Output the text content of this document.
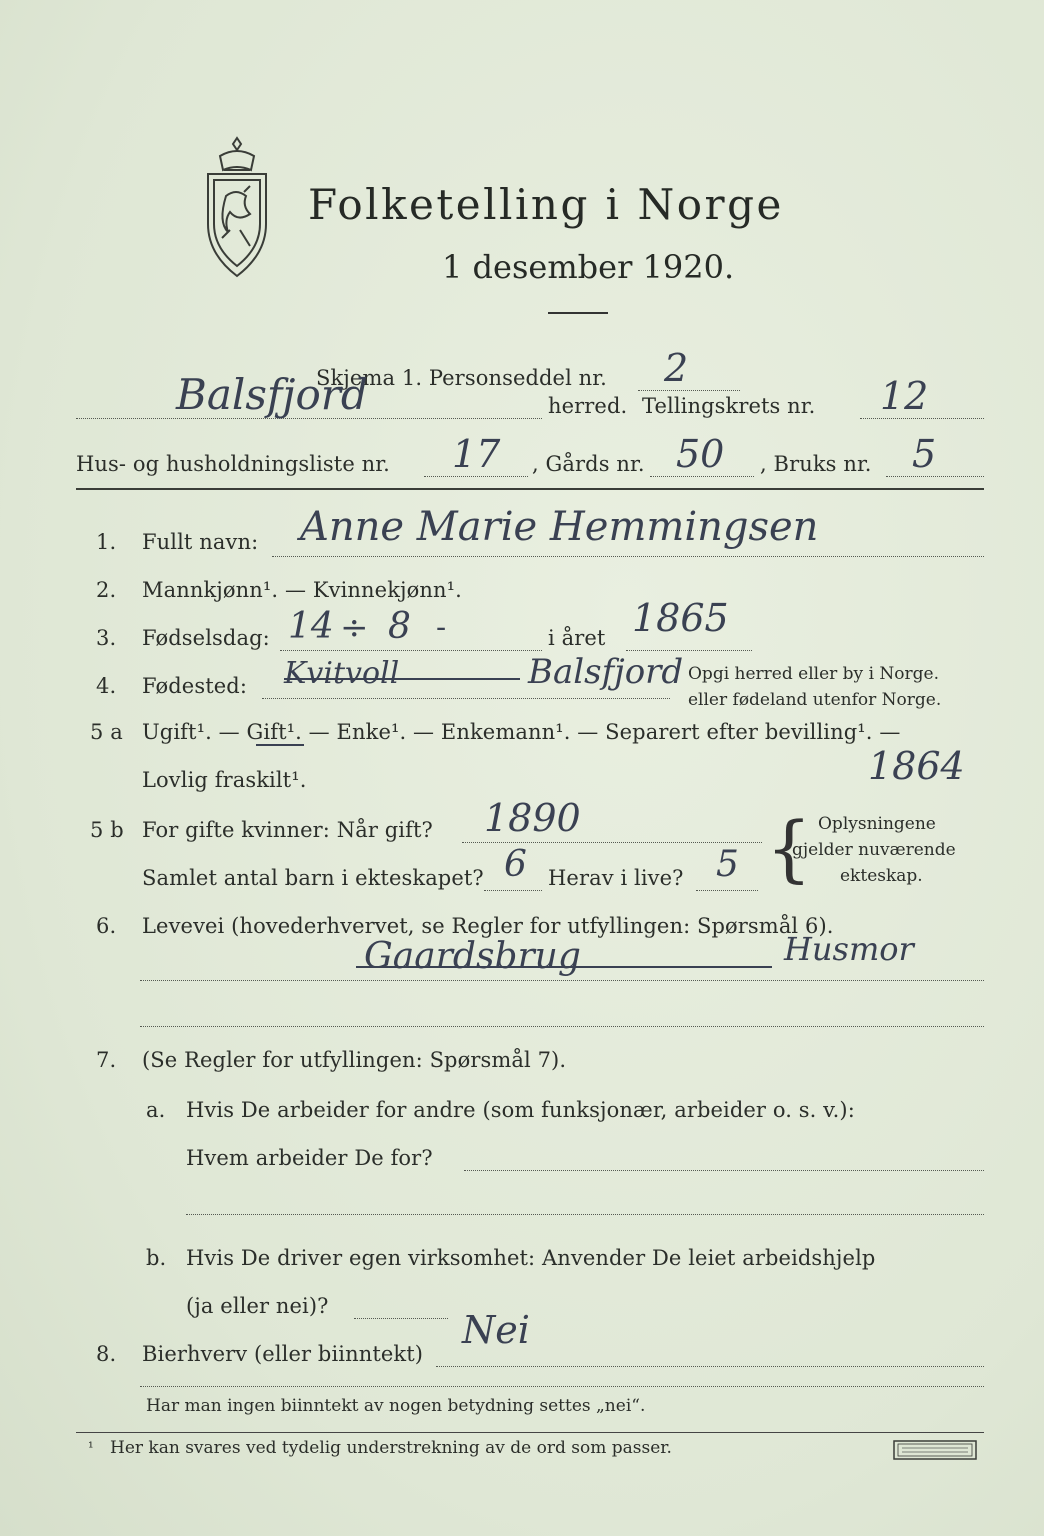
Folketelling i Norge
1 desember 1920.
Skjema 1. Personseddel nr. 2
Balsfjord	herred. Tellingskrets nr. 12
Hus- og husholdningsliste nr. 17 , Gårds nr. 50 , Bruks nr. 5
1. Fullt navn: Anne Marie Hemmingsen
2. Mannkjønn¹. — Kvinnekjønn¹.
3. Fødselsdag: 14 ÷ 8 -	i året 1865
4. Fødested: Kvitvoll	Balsfjord Opgi herred eller by i Norge.
eller fødeland utenfor Norge.
5 a Ugift¹. — Gift¹. — Enke¹. — Enkemann¹. — Separert efter bevilling¹. —
Lovlig fraskilt¹.	1864
5 b For gifte kvinner: Når gift? 1890
Samlet antal barn i ekteskapet? 6 Herav i live? 5 { Oplysningene
gjelder nuværende
ekteskap.
6. Levevei (hovederhvervet, se Regler for utfyllingen: Spørsmål 6).
Gaardsbrug	Husmor
7. (Se Regler for utfyllingen: Spørsmål 7).
a. Hvis De arbeider for andre (som funksjonær, arbeider o. s. v.):
Hvem arbeider De for?
b. Hvis De driver egen virksomhet: Anvender De leiet arbeidshjelp
(ja eller nei)?
8. Bierhverv (eller biinntekt)
Nei
Har man ingen biinntekt av nogen betydning settes „nei“.
¹ Her kan svares ved tydelig understrekning av de ord som passer.
